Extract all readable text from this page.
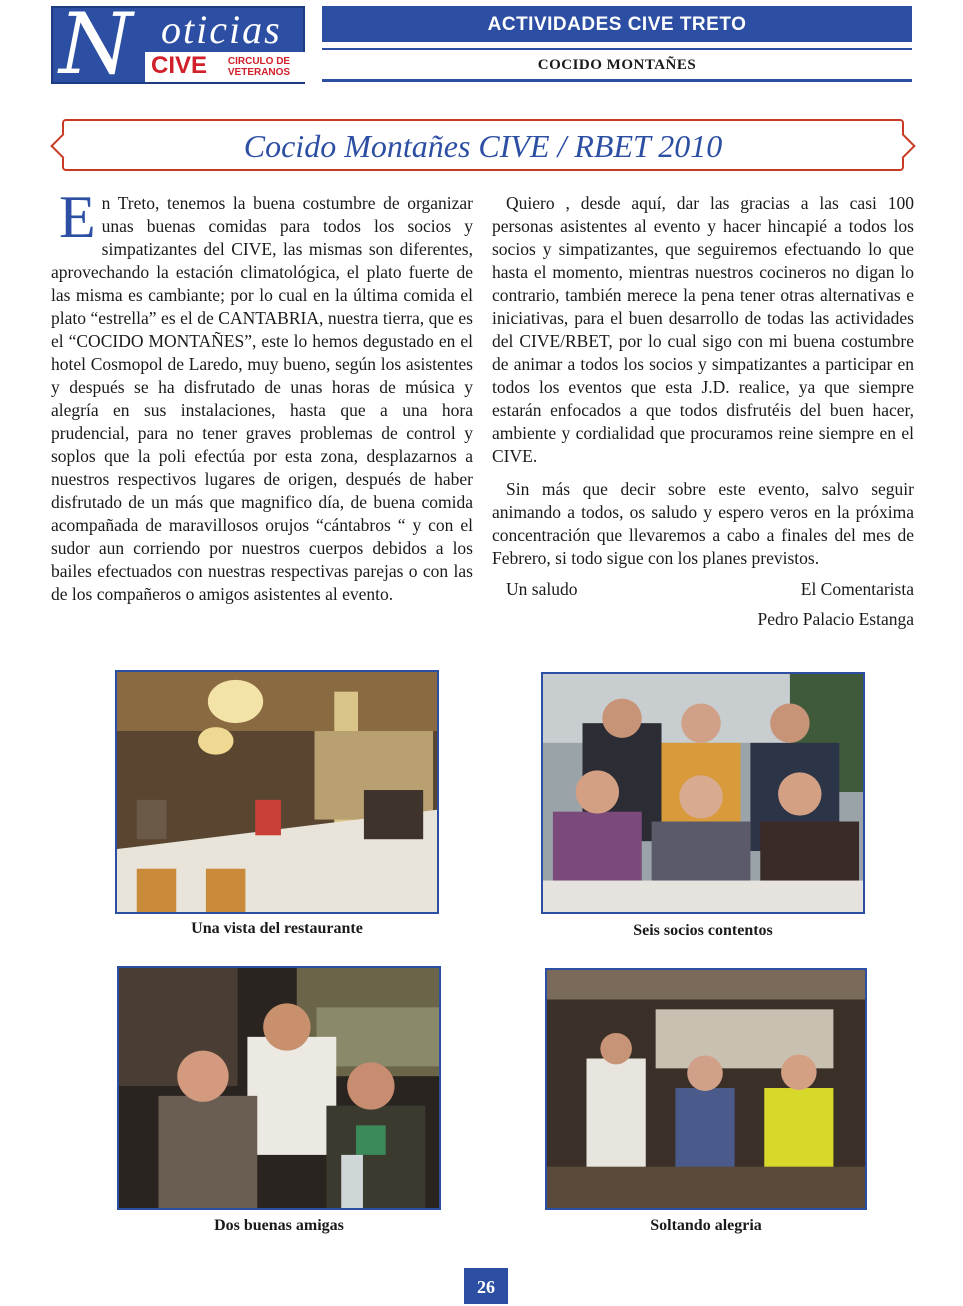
N oticias
CIVE	CIRCULO DE VETERANOS
ACTIVIDADES CIVE TRETO
COCIDO MONTAÑES
Cocido Montañes CIVE / RBET 2010

En Treto, tenemos la buena costumbre de organizar unas buenas comidas para todos los socios y simpatizantes del CIVE, las mismas son diferentes, aprovechando la estación climatológica, el plato fuerte de las misma es cambiante; por lo cual en la última comida el plato “estrella” es el de CANTABRIA, nuestra tierra, que es el “COCIDO MONTAÑES”, este lo hemos degustado en el hotel Cosmopol de Laredo, muy bueno, según los asistentes y después se ha disfrutado de unas horas de música y alegría en sus instalaciones, hasta que a una hora prudencial, para no tener graves problemas de control y soplos que la poli efectúa por esta zona, desplazarnos a nuestros respectivos lugares de origen, después de haber disfrutado de un más que magnifico día, de buena comida acompañada de maravillosos orujos “cántabros “ y con el sudor aun corriendo por nuestros cuerpos debidos a los bailes efectuados con nuestras respectivas parejas o con las de los compañeros o amigos asistentes al evento.

Quiero , desde aquí, dar las gracias a las casi 100 personas asistentes al evento y hacer hincapié a todos los socios y simpatizantes, que seguiremos efectuando lo que hasta el momento, mientras nuestros cocineros no digan lo contrario, también merece la pena tener otras alternativas e iniciativas, para el buen desarrollo de todas las actividades del CIVE/RBET, por lo cual sigo con mi buena costumbre de animar a todos los socios y simpatizantes a participar en todos los eventos que esta J.D. realice, ya que siempre estarán enfocados a que todos disfrutéis del buen hacer, ambiente y cordialidad que procuramos reine siempre en el CIVE.

Sin más que decir sobre este evento, salvo seguir animando a todos, os saludo y espero veros en la próxima concentración que llevaremos a cabo a finales del mes de Febrero, si todo sigue con los planes previstos.

Un saludo	El Comentarista

Pedro Palacio Estanga

Una vista del restaurante	Seis socios contentos
Dos buenas amigas	Soltando alegria
26
